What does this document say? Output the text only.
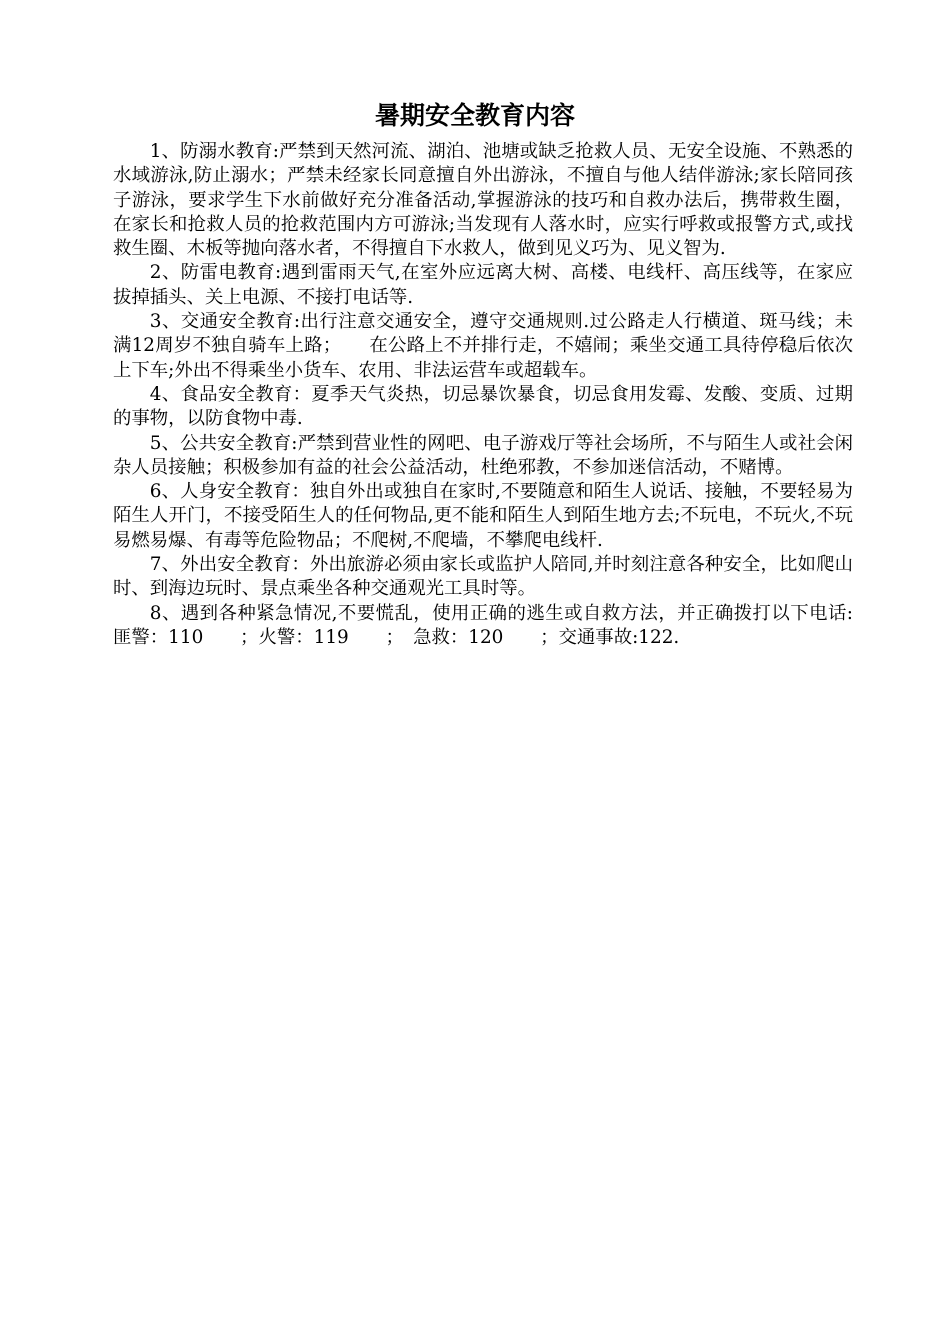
暑期安全教育内容

1、防溺水教育:严禁到天然河流、湖泊、池塘或缺乏抢救人员、无安全设施、不熟悉的水域游泳,防止溺水；严禁未经家长同意擅自外出游泳，不擅自与他人结伴游泳;家长陪同孩子游泳，要求学生下水前做好充分准备活动,掌握游泳的技巧和自救办法后，携带救生圈，在家长和抢救人员的抢救范围内方可游泳;当发现有人落水时，应实行呼救或报警方式,或找救生圈、木板等抛向落水者，不得擅自下水救人，做到见义巧为、见义智为.

2、防雷电教育:遇到雷雨天气,在室外应远离大树、高楼、电线杆、高压线等，在家应拔掉插头、关上电源、不接打电话等.

3、交通安全教育:出行注意交通安全，遵守交通规则.过公路走人行横道、斑马线；未满12周岁不独自骑车上路；　　在公路上不并排行走，不嬉闹；乘坐交通工具待停稳后依次上下车;外出不得乘坐小货车、农用、非法运营车或超载车。

4、食品安全教育：夏季天气炎热，切忌暴饮暴食，切忌食用发霉、发酸、变质、过期的事物，以防食物中毒.

5、公共安全教育:严禁到营业性的网吧、电子游戏厅等社会场所，不与陌生人或社会闲杂人员接触；积极参加有益的社会公益活动，杜绝邪教，不参加迷信活动，不赌博。

6、人身安全教育：独自外出或独自在家时,不要随意和陌生人说话、接触，不要轻易为陌生人开门，不接受陌生人的任何物品,更不能和陌生人到陌生地方去;不玩电，不玩火,不玩易燃易爆、有毒等危险物品；不爬树,不爬墙，不攀爬电线杆.

7、外出安全教育：外出旅游必须由家长或监护人陪同,并时刻注意各种安全，比如爬山时、到海边玩时、景点乘坐各种交通观光工具时等。

8、遇到各种紧急情况,不要慌乱，使用正确的逃生或自救方法，并正确拨打以下电话:匪警：110　　；火警：119　　；　急救：120　　；交通事故:122.
